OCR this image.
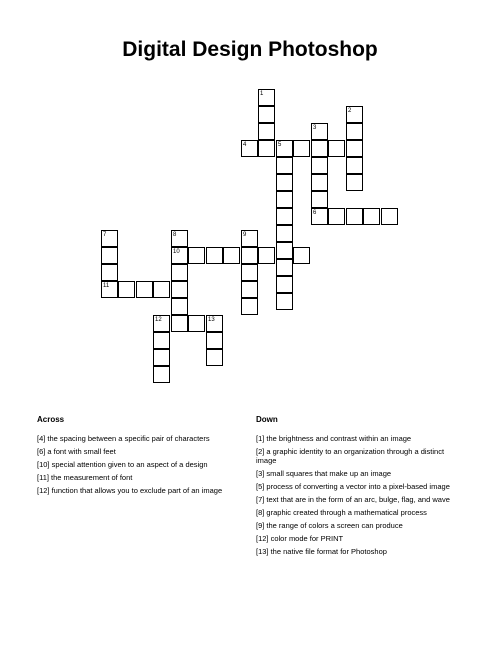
Digital Design Photoshop
1
2
3
4	5
6
7	8	9
10
11
12	13
Across
[4] the spacing between a specific pair of characters
[6] a font with small feet
[10] special attention given to an aspect of a design
[11] the measurement of font
[12] function that allows you to exclude part of an image
Down
[1] the brightness and contrast within an image
[2] a graphic identity to an organization through a distinct image
[3] small squares that make up an image
[5] process of converting a vector into a pixel-based image
[7] text that are in the form of an arc, bulge, flag, and wave
[8] graphic created through a mathematical process
[9] the range of colors a screen can produce
[12] color mode for PRINT
[13] the native file format for Photoshop
